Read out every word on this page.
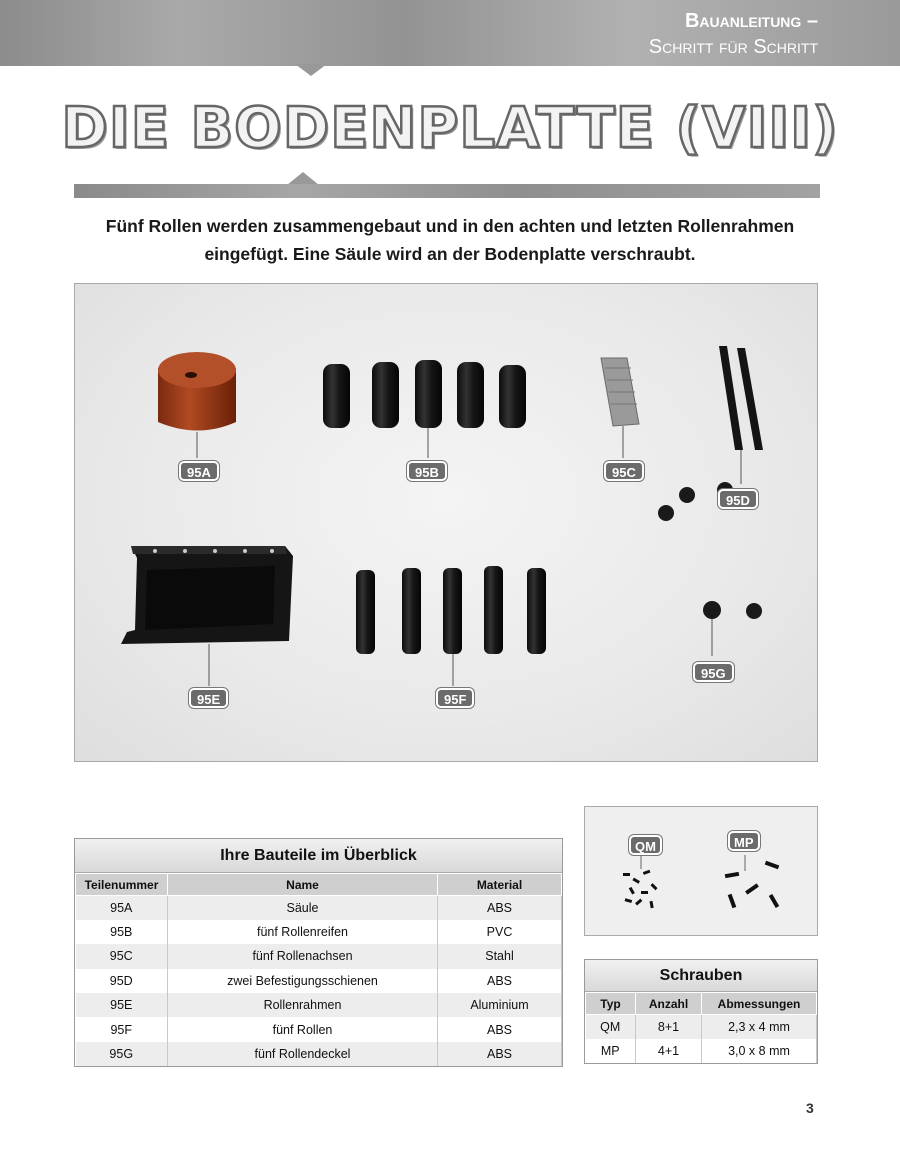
Bauanleitung –
Schritt für Schritt
DIE BODENPLATTE (VIII)
Fünf Rollen werden zusammengebaut und in den achten und letzten Rollenrahmen
eingefügt. Eine Säule wird an der Bodenplatte verschraubt.
95A	95B	95C
95D
95E	95F
95G
Ihre Bauteile im Überblick
Teilenummer	Name	Material
95A	Säule	ABS
95B	fünf Rollenreifen	PVC
95C	fünf Rollenachsen	Stahl
95D	zwei Befestigungsschienen	ABS
95E	Rollenrahmen	Aluminium
95F	fünf Rollen	ABS
95G	fünf Rollendeckel	ABS
QM	MP
Schrauben
Typ	Anzahl	Abmessungen
QM	8+1	2,3 x 4 mm
MP	4+1	3,0 x 8 mm
3
